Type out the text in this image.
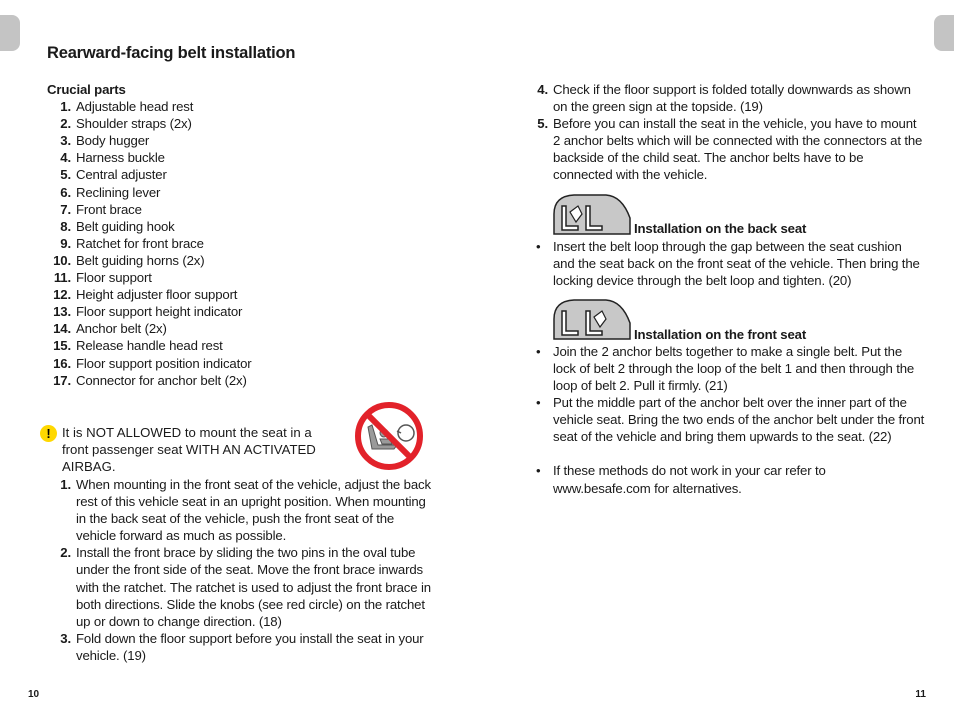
Rearward-facing belt installation
Crucial parts
1. Adjustable head rest
2. Shoulder straps (2x)
3. Body hugger
4. Harness buckle
5. Central adjuster
6. Reclining lever
7. Front brace
8. Belt guiding hook
9. Ratchet for front brace
10. Belt guiding horns (2x)
11. Floor support
12. Height adjuster floor support
13. Floor support height indicator
14. Anchor belt (2x)
15. Release handle head rest
16. Floor support position indicator
17. Connector for anchor belt (2x)
! It is NOT ALLOWED to mount the seat in a front passenger seat WITH AN ACTIVATED AIRBAG.
1. When mounting in the front seat of the vehicle, adjust the back rest of this vehicle seat in an upright position. When mounting in the back seat of the vehicle, push the front seat of the vehicle forward as much as possible.
2. Install the front brace by sliding the two pins in the oval tube under the front side of the seat. Move the front brace inwards with the ratchet. The ratchet is used to adjust the front brace in both directions. Slide the knobs (see red circle) on the ratchet up or down to change direction. (18)
3. Fold down the floor support before you install the seat in your vehicle. (19)
4. Check if the floor support is folded totally downwards as shown on the green sign at the topside. (19)
5. Before you can install the seat in the vehicle, you have to mount 2 anchor belts which will be connected with the connectors at the backside of the child seat. The anchor belts have to be connected with the vehicle.
Installation on the back seat
• Insert the belt loop through the gap between the seat cushion and the seat back on the front seat of the vehicle. Then bring the locking device through the belt loop and tighten. (20)
Installation on the front seat
• Join the 2 anchor belts together to make a single belt. Put the lock of belt 2 through the loop of the belt 1 and then through the loop of belt 2. Pull it firmly. (21)
• Put the middle part of the anchor belt over the inner part of the vehicle seat. Bring the two ends of the anchor belt under the front seat of the vehicle and bring them upwards to the seat. (22)
• If these methods do not work in your car refer to www.besafe.com for alternatives.
10	11
